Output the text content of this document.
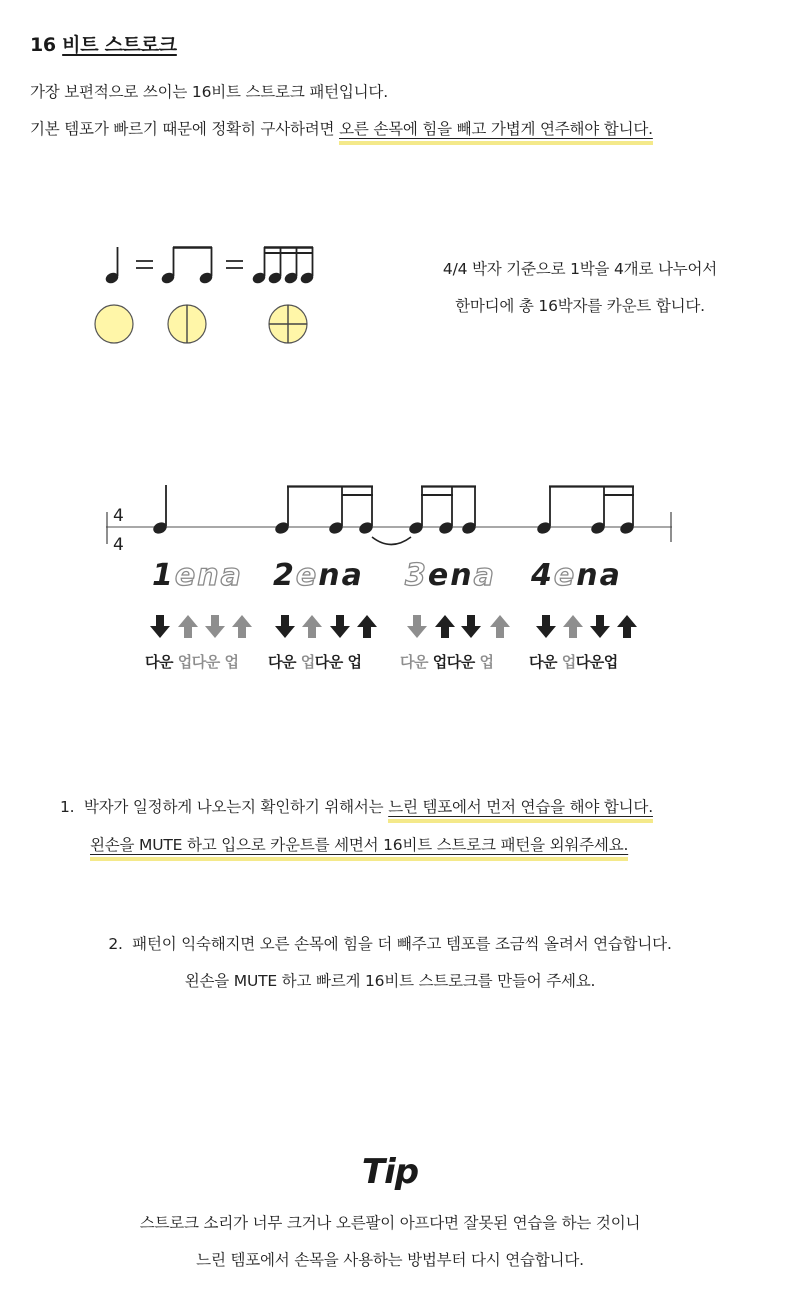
16 비트 스트로크
가장 보편적으로 쓰이는 16비트 스트로크 패턴입니다.
기본 템포가 빠르기 때문에 정확히 구사하려면 오른 손목에 힘을 빼고 가볍게 연주해야 합니다.
4/4 박자 기준으로 1박을 4개로 나누어서
한마디에 총 16박자를 카운트 합니다.
4
4
1ena 2ena 3ena 4ena
다운 업다운 업 다운 업다운 업	다운 업다운 업 다운 업다운업
1. 박자가 일정하게 나오는지 확인하기 위해서는 느린 템포에서 먼저 연습을 해야 합니다.
왼손을 MUTE 하고 입으로 카운트를 세면서 16비트 스트로크 패턴을 외워주세요.
2. 패턴이 익숙해지면 오른 손목에 힘을 더 빼주고 템포를 조금씩 올려서 연습합니다.
왼손을 MUTE 하고 빠르게 16비트 스트로크를 만들어 주세요.
Tip
스트로크 소리가 너무 크거나 오른팔이 아프다면 잘못된 연습을 하는 것이니
느린 템포에서 손목을 사용하는 방법부터 다시 연습합니다.
